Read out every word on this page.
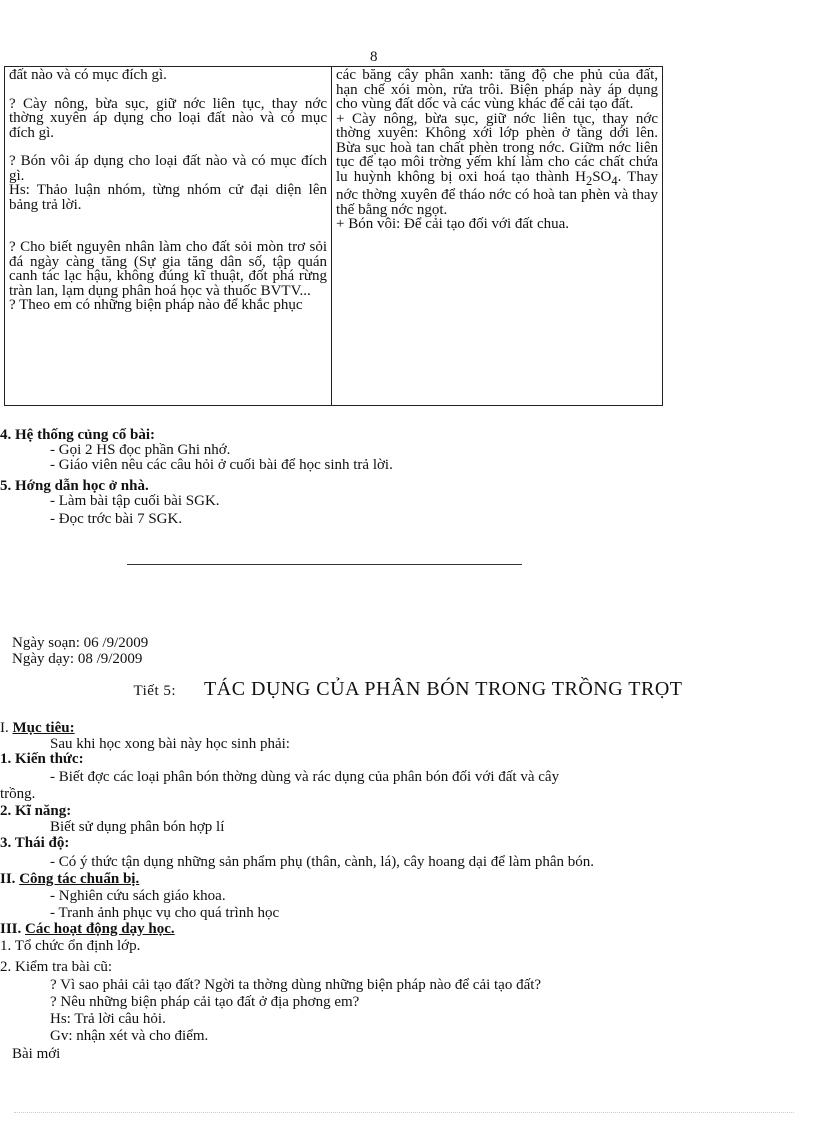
8
đất nào và có mục đích gì.
? Cày nông, bừa sục, giữ nớc liên tục, thay nớc thờng xuyên áp dụng cho loại đất nào và có mục đích gì.
? Bón vôi áp dụng cho loại đất nào và có mục đích gì.
Hs: Thảo luận nhóm, từng nhóm cử đại diện lên bảng trả lời.
? Cho biết nguyên nhân làm cho đất sỏi mòn trơ sỏi đá ngày càng tăng (Sự gia tăng dân số, tập quán canh tác lạc hậu, không đúng kĩ thuật, đốt phá rừng tràn lan, lạm dụng phân hoá học và thuốc BVTV...
? Theo em có những biện pháp nào để khắc phục

các băng cây phân xanh: tăng độ che phủ của đất, hạn chế xói mòn, rửa trôi. Biện pháp này áp dụng cho vùng đất dốc và các vùng khác để cải tạo đất.
+ Cày nông, bừa sục, giữ nớc liên tục, thay nớc thờng xuyên: Không xới lớp phèn ở tầng dới lên. Bừa sục hoà tan chất phèn trong nớc. Giữm nớc liên tục để tạo môi trờng yếm khí làm cho các chất chứa lu huỳnh không bị oxi hoá tạo thành $H_2SO_4$. Thay nớc thờng xuyên để tháo nớc có hoà tan phèn và thay thế bằng nớc ngọt.
+ Bón vôi: Để cải tạo đối với đất chua.
4. Hệ thống củng cố bài:
- Gọi 2 HS đọc phần Ghi nhớ.
- Giáo viên nêu các câu hỏi ở cuối bài để học sinh trả lời.
5. Hớng dẫn học ở nhà.
- Làm bài tập cuối bài SGK.
- Đọc trớc bài 7 SGK.
Ngày soạn: 06 /9/2009
Ngày dạy: 08 /9/2009
Tiết 5: TÁC DỤNG CỦA PHÂN BÓN TRONG TRỒNG TRỌT
I. Mục tiêu:
Sau khi học xong bài này học sinh phải:
1. Kiến thức:
- Biết đợc các loại phân bón thờng dùng và rác dụng của phân bón đối với đất và cây
trồng.
2. Kĩ năng:
Biết sử dụng phân bón hợp lí
3. Thái độ:
- Có ý thức tận dụng những sản phẩm phụ (thân, cành, lá), cây hoang dại để làm phân bón.
II. Công tác chuẩn bị.
- Nghiên cứu sách giáo khoa.
- Tranh ảnh phục vụ cho quá trình học
III. Các hoạt động dạy học.
1. Tổ chức ổn định lớp.
2. Kiểm tra bài cũ:
? Vì sao phải cải tạo đất? Ngời ta thờng dùng những biện pháp nào để cải tạo đất?
? Nêu những biện pháp cải tạo đất ở địa phơng em?
Hs: Trả lời câu hỏi.
Gv: nhận xét và cho điểm.
Bài mới
